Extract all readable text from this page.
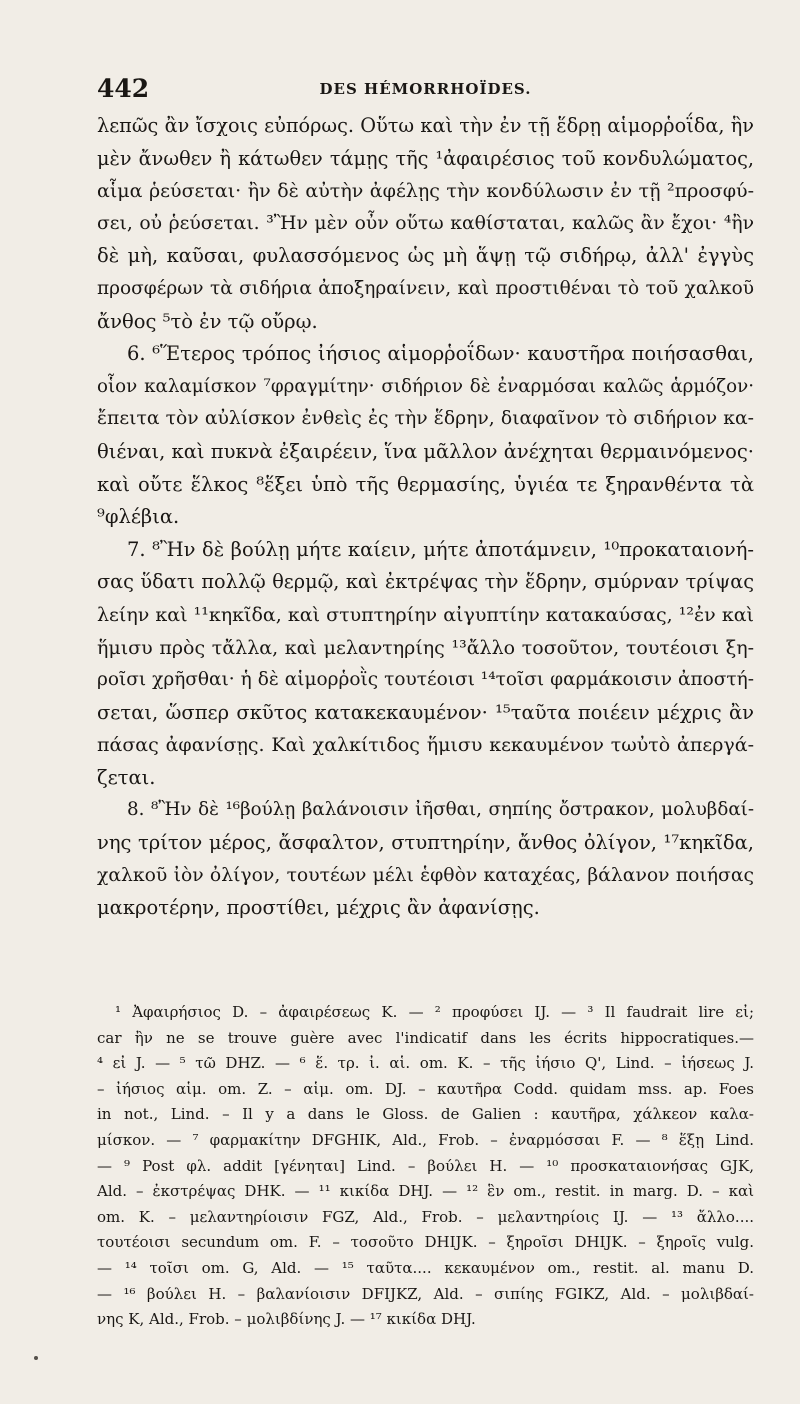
442	DES HÉMORRHOÏDES.
λεπῶς ἂν ἴσχοις εὐπόρως. Οὕτω καὶ τὴν ἐν τῇ ἕδρῃ αἱμορῥοΐδα, ἣν
μὲν ἄνωθεν ἢ κάτωθεν τάμῃς τῆς ¹ἀφαιρέσιος τοῦ κονδυλώματος,
αἷμα ῥεύσεται· ἢν δὲ αὐτὴν ἀφέλῃς τὴν κονδύλωσιν ἐν τῇ ²προσφύ-
σει, οὐ ῥεύσεται. ³Ἢν μὲν οὖν οὕτω καθίσταται, καλῶς ἂν ἔχοι· ⁴ἢν
δὲ μὴ, καῦσαι, φυλασσόμενος ὡς μὴ ἅψῃ τῷ σιδήρῳ, ἀλλ' ἐγγὺς
προσφέρων τὰ σιδήρια ἀποξηραίνειν, καὶ προστιθέναι τὸ τοῦ χαλκοῦ
ἄνθος ⁵τὸ ἐν τῷ οὔρῳ.
6. ⁶Ἕτερος τρόπος ἰήσιος αἱμορῥοΐδων· καυστῆρα ποιήσασθαι,
οἷον καλαμίσκον ⁷φραγμίτην· σιδήριον δὲ ἐναρμόσαι καλῶς ἁρμόζον·
ἔπειτα τὸν αὐλίσκον ἐνθεὶς ἐς τὴν ἕδρην, διαφαῖνον τὸ σιδήριον κα-
θιέναι, καὶ πυκνὰ ἐξαιρέειν, ἵνα μᾶλλον ἀνέχηται θερμαινόμενος·
καὶ οὔτε ἕλκος ⁸ἕξει ὑπὸ τῆς θερμασίης, ὑγιέα τε ξηρανθέντα τὰ
⁹φλέβια.
7. ⁸Ἢν δὲ βούλῃ μήτε καίειν, μήτε ἀποτάμνειν, ¹⁰προκαταιονή-
σας ὕδατι πολλῷ θερμῷ, καὶ ἐκτρέψας τὴν ἕδρην, σμύρναν τρίψας
λείην καὶ ¹¹κηκῖδα, καὶ στυπτηρίην αἰγυπτίην κατακαύσας, ¹²ἐν καὶ
ἥμισυ πρὸς τἄλλα, καὶ μελαντηρίης ¹³ἄλλο τοσοῦτον, τουτέοισι ξη-
ροῖσι χρῆσθαι· ἡ δὲ αἱμορῥοῒς τουτέοισι ¹⁴τοῖσι φαρμάκοισιν ἀποστή-
σεται, ὥσπερ σκῦτος κατακεκαυμένον· ¹⁵ταῦτα ποιέειν μέχρις ἂν
πάσας ἀφανίσῃς. Καὶ χαλκίτιδος ἥμισυ κεκαυμένον τωὐτὸ ἀπεργά-
ζεται.
8. ⁸Ἢν δὲ ¹⁶βούλῃ βαλάνοισιν ἰῆσθαι, σηπίης ὄστρακον, μολυβδαί-
νης τρίτον μέρος, ἄσφαλτον, στυπτηρίην, ἄνθος ὀλίγον, ¹⁷κηκῖδα,
χαλκοῦ ἰὸν ὀλίγον, τουτέων μέλι ἑφθὸν καταχέας, βάλανον ποιήσας
μακροτέρην, προστίθει, μέχρις ἂν ἀφανίσῃς.
¹ Ἀφαιρήσιος D. – ἀφαιρέσεως K. — ² προφύσει IJ. — ³ Il faudrait lire εἰ;
car ἢν ne se trouve guère avec l'indicatif dans les écrits hippocratiques.—
⁴ εἰ J. — ⁵ τῶ DHZ. — ⁶ ἕ. τρ. ἰ. αἱ. om. K. – τῆς ἰήσιο Q', Lind. – ἰήσεως J.
– ἰήσιος αἱμ. om. Z. – αἱμ. om. DJ. – καυτῆρα Codd. quidam mss. ap. Foes
in not., Lind. – Il y a dans le Gloss. de Galien : καυτῆρα, χάλκεον καλα-
μίσκον. — ⁷ φαρμακίτην DFGHIK, Ald., Frob. – ἐναρμόσσαι F. — ⁸ ἕξῃ Lind.
— ⁹ Post φλ. addit [γένηται] Lind. – βούλει H. — ¹⁰ προσκαταιονήσας GJK,
Ald. – ἐκστρέψας DHK. — ¹¹ κικίδα DHJ. — ¹² ἓν om., restit. in marg. D. – καὶ
om. K. – μελαντηρίοισιν FGZ, Ald., Frob. – μελαντηρίοις IJ. — ¹³ ἄλλο....
τουτέοισι secundum om. F. – τοσοῦτο DHIJK. – ξηροῖσι DHIJK. – ξηροῖς vulg.
— ¹⁴ τοῖσι om. G, Ald. — ¹⁵ ταῦτα.... κεκαυμένον om., restit. al. manu D.
— ¹⁶ βούλει H. – βαλανίοισιν DFIJKZ, Ald. – σιπίης FGIKZ, Ald. – μολιβδαί-
νης K, Ald., Frob. – μολιβδίνης J. — ¹⁷ κικίδα DHJ.
